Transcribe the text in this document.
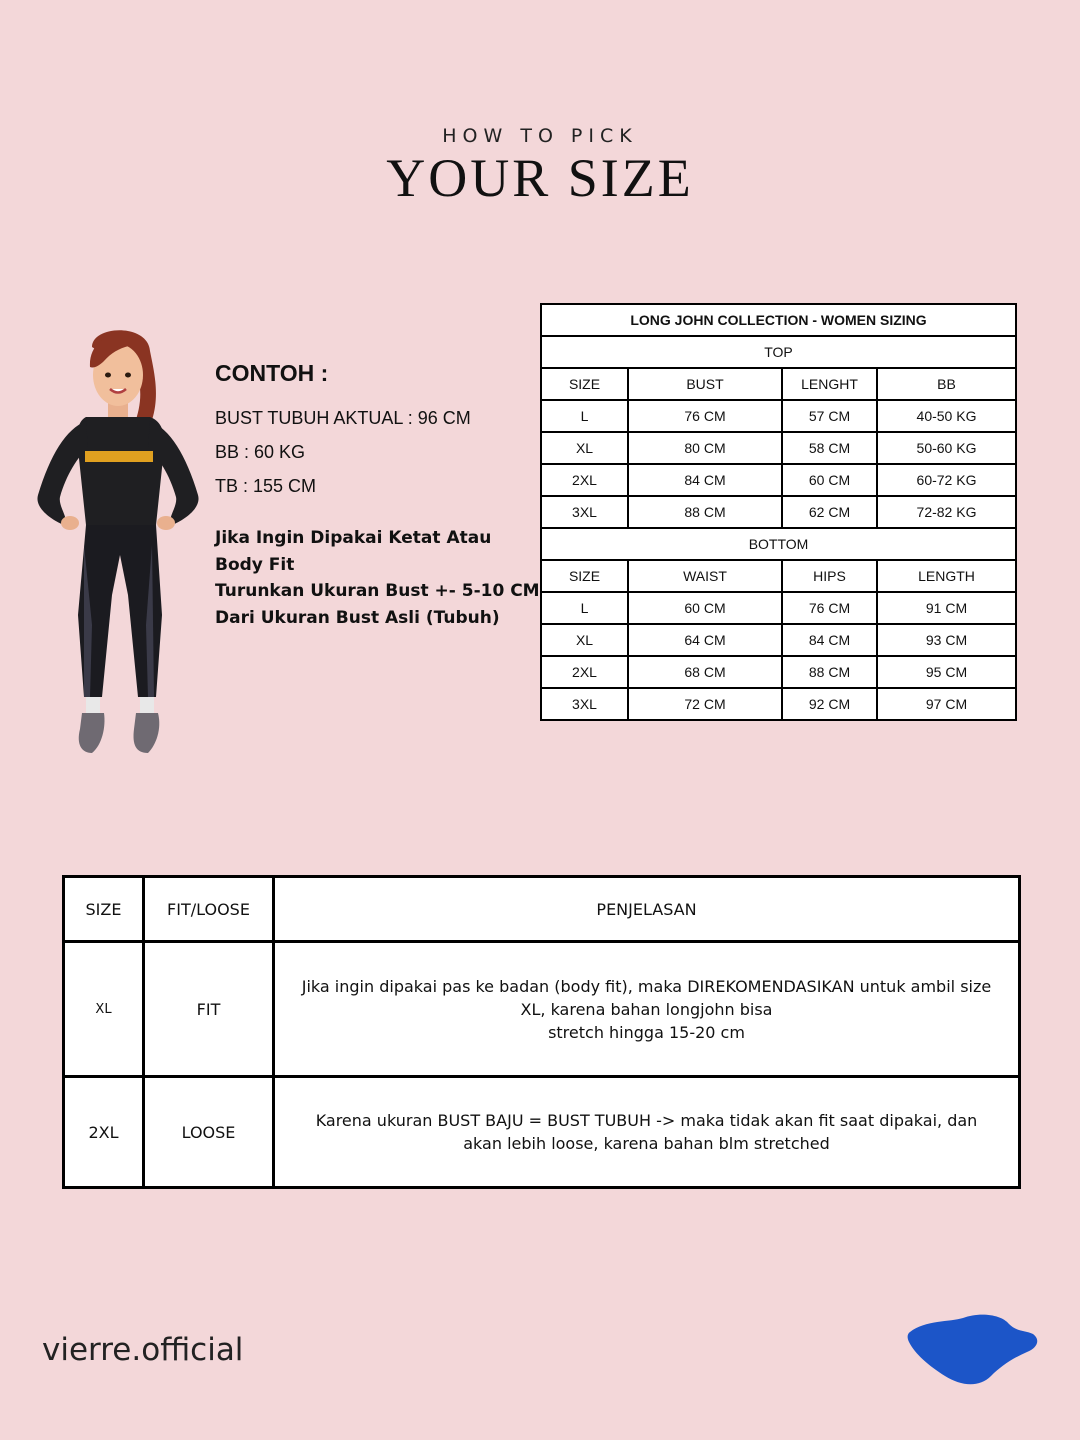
HOW TO PICK
YOUR SIZE
CONTOH :
BUST TUBUH AKTUAL : 96 CM
BB : 60 KG
TB : 155 CM
Jika Ingin Dipakai Ketat Atau
Body Fit
Turunkan Ukuran Bust +- 5-10 CM
Dari Ukuran Bust Asli (Tubuh)
LONG JOHN COLLECTION - WOMEN SIZING			
TOP			
SIZE	BUST	LENGHT	BB
L	76 CM	57 CM	40-50 KG
XL	80 CM	58 CM	50-60 KG
2XL	84 CM	60 CM	60-72 KG
3XL	88 CM	62 CM	72-82 KG
BOTTOM			
SIZE	WAIST	HIPS	LENGTH
L	60 CM	76 CM	91 CM
XL	64 CM	84 CM	93 CM
2XL	68 CM	88 CM	95 CM
3XL	72 CM	92 CM	97 CM
SIZE	FIT/LOOSE	PENJELASAN
XL	FIT	Jika ingin dipakai pas ke badan (body fit), maka DIREKOMENDASIKAN untuk ambil size
XL, karena bahan longjohn bisa
stretch hingga 15-20 cm

2XL	LOOSE	Karena ukuran BUST BAJU = BUST TUBUH -> maka tidak akan fit saat dipakai, dan
akan lebih loose, karena bahan blm stretched
vierre.official
